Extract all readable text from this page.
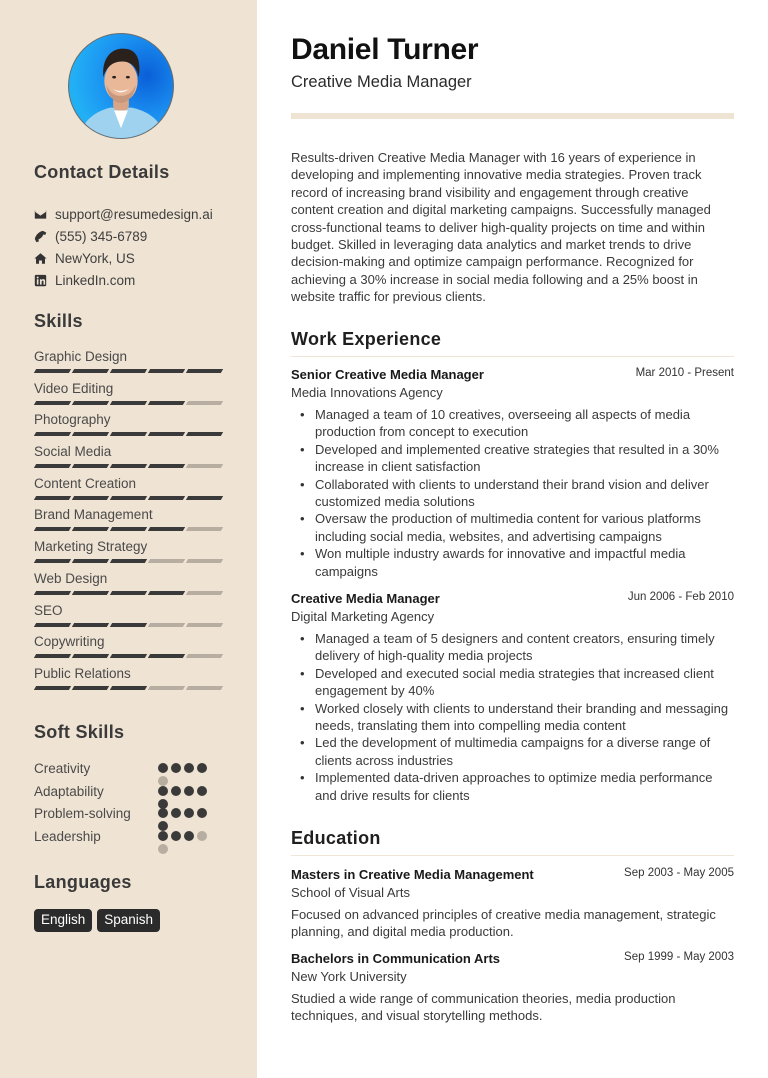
Contact Details
support@resumedesign.ai
(555) 345-6789
NewYork, US
LinkedIn.com
Skills
Graphic Design
Video Editing
Photography
Social Media
Content Creation
Brand Management
Marketing Strategy
Web Design
SEO
Copywriting
Public Relations
Soft Skills
Creativity
Adaptability
Problem-solving
Leadership
Languages
English	Spanish
Daniel Turner
Creative Media Manager

Results-driven Creative Media Manager with 16 years of experience in developing and implementing innovative media strategies. Proven track record of increasing brand visibility and engagement through creative content creation and digital marketing campaigns. Successfully managed cross-functional teams to deliver high-quality projects on time and within budget. Skilled in leveraging data analytics and market trends to drive decision-making and optimize campaign performance. Recognized for achieving a 30% increase in social media following and a 25% boost in website traffic for previous clients.

Work Experience
Senior Creative Media Manager	Mar 2010 - Present
Media Innovations Agency
• Managed a team of 10 creatives, overseeing all aspects of media production from concept to execution
• Developed and implemented creative strategies that resulted in a 30% increase in client satisfaction
• Collaborated with clients to understand their brand vision and deliver customized media solutions
• Oversaw the production of multimedia content for various platforms including social media, websites, and advertising campaigns
• Won multiple industry awards for innovative and impactful media campaigns
Creative Media Manager	Jun 2006 - Feb 2010
Digital Marketing Agency
• Managed a team of 5 designers and content creators, ensuring timely delivery of high-quality media projects
• Developed and executed social media strategies that increased client engagement by 40%
• Worked closely with clients to understand their branding and messaging needs, translating them into compelling media content
• Led the development of multimedia campaigns for a diverse range of clients across industries
• Implemented data-driven approaches to optimize media performance and drive results for clients
Education
Masters in Creative Media Management	Sep 2003 - May 2005
School of Visual Arts
Focused on advanced principles of creative media management, strategic planning, and digital media production.
Bachelors in Communication Arts	Sep 1999 - May 2003
New York University
Studied a wide range of communication theories, media production techniques, and visual storytelling methods.
